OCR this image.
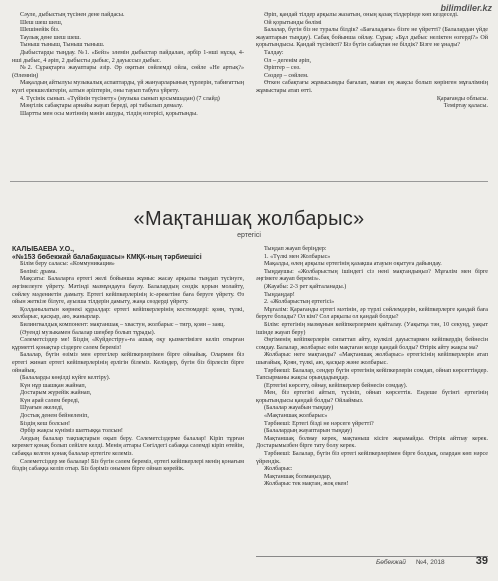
bilimdiler.kz

Сәуле, дыбыстың түсінен дене пайдасы.

Шеш шеш шеш,

Шешінейік біз.

Таулық дене шеш шеш.

Тыныш тыныш, Тыныш тыныш.

Дыбыстарды тыңдау. №1. «Бейз» элемін дыбыстар пайдалан, әрбір 1-нші нұсқа, 4-нші дыбыс, 4 әріп, 2 дыбысты дыбыс, 2 дауыссыз дыбыс.

№2. Сұрақтарға жауаптары әзір. Әр оқитын сөйлемді ойла, сөйле «Не артық?» (Әлемнің)

Мақалдың айтылуы музыкалық аспаптарды, үй жануарларының түрлерін, табиғаттың күзгі ерекшеліктерін, алтын әріптерін, оны тауып табуға үйрету.

4. Түсінік сынып. «Түйінін түсінету» (музыка сынып қосымшадан) (7 слайд)

Мәңгілік сабақтары арнайы жауап береді, әрі табылып демалу.

Шартты мен осы мәтіннің мәнін ашуды, тілдің өзгерісі, қорытынды.

Әріп, қандай тілдер арқылы жазатын, оның қазақ тілдерінде көп кездеседі.

Ой қорытынды бөлімі

Балалар, бүгін біз не туралы білдік? «Бағаладағы» бізге не үйретті? (Балалардан үйде жауаптарын тыңдау). Сабақ бойынша ойлау. Сұрақ: «Бұл дыбыс неліктен өзгерді?» Ой қорытындысы. Қандай түсінікті? Біз бүгін сабақтан не білдік? Бізге не ұнады?

Талдау:

Ол – дегенім әріп,

Әріптер – сөз.

Сөздер – сөйлем.

Өткен сабақтағы жұмысымды бағалап, маған ең жақсы болып көрінген мұғалімнің жұмыстары атап өтті.

Қарағанды облысы.

Теміртау қаласы.

«Мақтаншақ жолбарыс»
ертегісі

КАЛЫБАЕВА У.О.,

«№153 бөбекжай балабақшасы» КМҚК-ның тәрбиешісі

Білім беру саласы: «Коммуникация»

Бөлімі: драма.

Мақсаты: Балаларға ертегі желі бойынша жұмыс жасау арқылы тыңдап түсінуге, әңгімелеуге үйрету. Мәтінді мазмұндауға баулу. Балалардың сөздік қорын молайту, сөйлеу мәдениетін дамыту. Ертегі кейіпкерлерінің іс-әрекетіне баға беруге үйрету. Өз ойын жеткізе білуге, ауызша тілдерін дамыту, жаңа сөздерді үйрету.

Қолданылатын көрнекі құралдар: ертегі кейіпкерлерінің костюмдері: қоян, түлкі, жолбарыс, қасқыр, аю, жанырлар.

Билингвалдық компонент: мақтаншақ – хвастун, жолбарыс – тигр, қоян – заяц.

(Әуенді музыкамен балалар шеңбер болып тұрады).

Сәлеметсіздер ме! Біздің «Күйдестіру»-ға ашық оқу қызметімізге келіп отырған құрметті қонақтар сіздерге сәлем береміз!

Балалар, бүгін өзіміз мен ертегілер кейіпкерлерімен бірге ойнайық. Олармен біз ертегі жинап ертегі кейіпкерлерінің ерлігін білеміз. Келіңдер, бүгін біз бірлесіп бірге ойнайық.

(Балаларды көңілді күйге келтіру).

Күн нұр шашқан жайнап,

Достарым жүрейік жайнап,

Күн арай сәлем береді,

Шуағын әкеледі,

Достық денем бейнеленіп,

Біздің кеш болсын!

Әрбір жақсы күніміз шаттыққа толсын!

Аюдың балалар тақпақтарын оқып беру. Сәлеметсіздерме балалар! Кіріп тұрған керемет қонақ болып сейілге келді. Менің аттары Сөгілдегі сабаққа сәлемді кіріп өтейін, сабаққа келген қонақ балалар ертегіге келеміз.

Сәлеметсіздер ме балалар! Біз бүгін сәлем береміз, ертегі кейіпкерлері менің қонағым біздің сабаққа келіп отыр. Біз бәріміз онымен бірге ойнап көрейік.

Тыңдап жауап беріңдер:

1. «Түлкі мен Жолбарыс»

Мақалды, өлең арқылы ертегінің қазақша атауын оқытуға дайындау.

Тыңдаушы: «Жолбарыстың ішіндегі сіз нені мақтандыңыз? Мұғалім мен бірге әңгімеге жауап береміз».

(Жауабы: 2-3 рет қайталанады.)

Тыңдаңдар!

2. «Жолбарыстың ертегісі»

Мұғалім: Қарағанды ертегі мәтінін, әр түрлі сөйлемдерін, кейіпкерлерге қандай баға беруге болады? Ол кім? Сол арқылы ол қандай болды?

Білім: ертегінің мазмұнын кейіпкерлермен қайталау. (Уақытқа тән, 10 секунд, уақыт ішінде жауап беру)

Әңгіменің кейіпкерлерін сипаттап айту, күлкілі дауыстармен кейіпкердің бейнесін сомдау. Балалар, жолбарыс өзін мақтаған кезде қандай болды? Өтірік айту жақсы ма?

Жолбарыс неге мақтанды? «Мақтаншақ жолбарыс» ертегісінің кейіпкерлерін атап шығайық. Қоян, түлкі, аю, қасқыр және жолбарыс.

Тәрбиеші: Балалар, сендер бүгін ертегінің кейіпкерлерін сомдап, ойнап көрсеттіңдер. Тапсырманы жақсы орындадыңдар.

(Ертегіні көрсету, ойнау, кейіпкерлер бейнесін сомдау).

Мен, біз ертегіні айтып, түсініп, ойнап көрсеттік. Ендеше бүгінгі ертегінің қорытындысы қандай болды? Ойлаймыз.

(Балалар жауабын тыңдау)

«Мақтаншақ жолбарыс»

Тәрбиеші: Ертегі бізді не нәрсеге үйретті?

(Балалардың жауаптарын тыңдау)

Мақтаншақ болмау керек, мақтаныш кісіге жарамайды. Өтірік айтпау керек. Достарымызбен бірге тату болу керек.

Тәрбиеші: Балалар, бүгін біз ертегі кейіпкерлерімен бірге болдық, олардан көп нәрсе үйрендік.

Жолбарыс:

Мақтаншақ болмаңыздар,

Жолбарыс тек мақтан, жоқ екен!

Бөбекжай №4, 2018	39
